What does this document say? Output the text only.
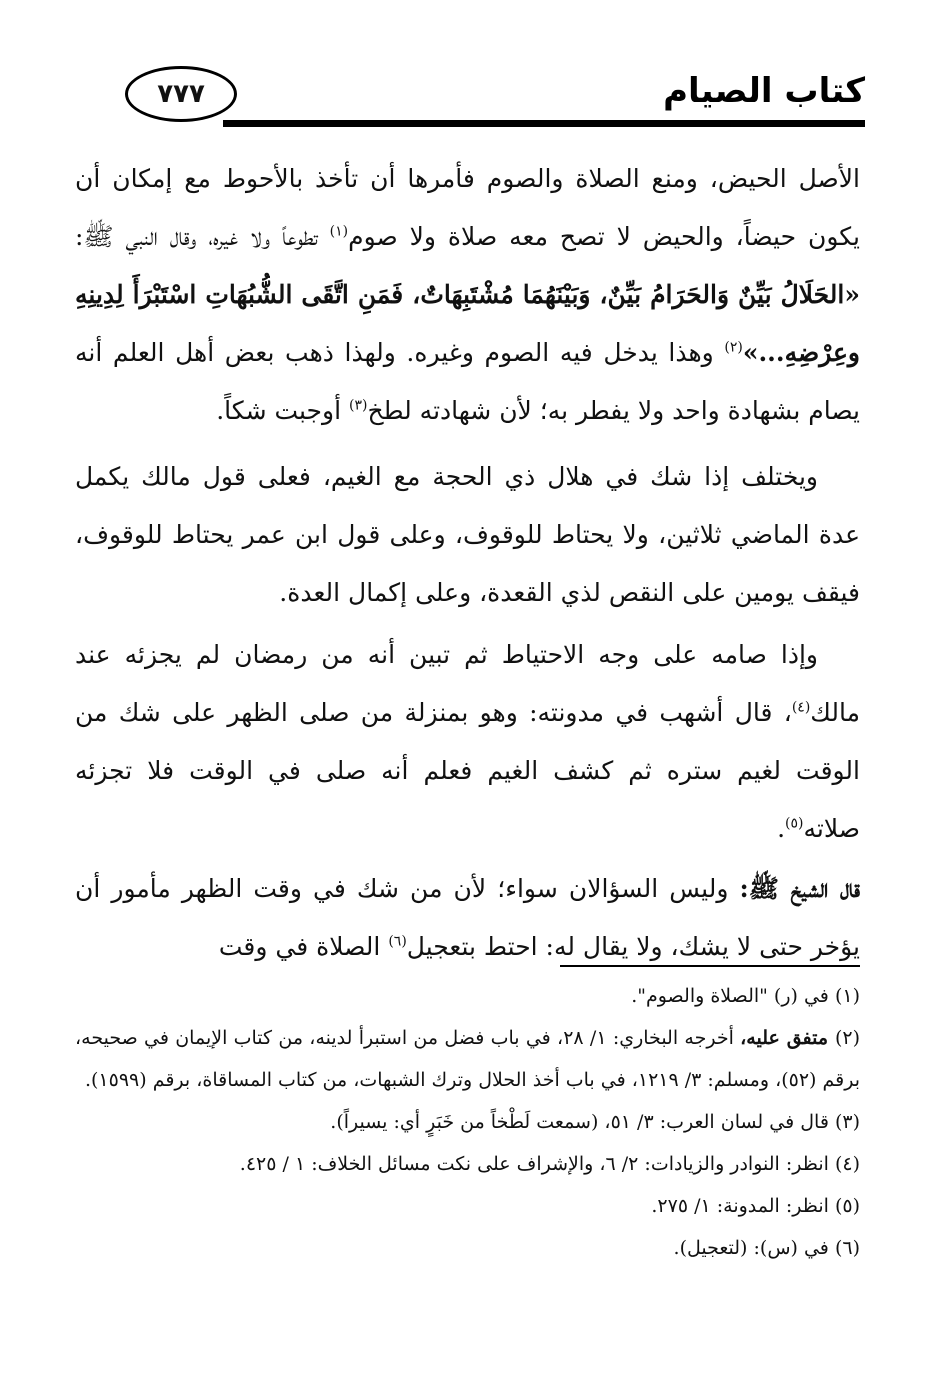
كتاب الصيام
٧٧٧

الأصل الحيض، ومنع الصلاة والصوم فأمرها أن تأخذ بالأحوط مع إمكان أن يكون حيضاً، والحيض لا تصح معه صلاة ولا صوم$^{(١)}$ تطوعاً ولا غيره، وقال النبي ﷺ: «الحَلَالُ بَيِّنٌ وَالحَرَامُ بَيِّنٌ، وَبَيْنَهُمَا مُشْتَبِهَاتٌ، فَمَنِ اتَّقَى الشُّبُهَاتِ اسْتَبْرَأَ لِدِينِهِ وعِرْضِهِ...»$^{(٢)}$ وهذا يدخل فيه الصوم وغيره. ولهذا ذهب بعض أهل العلم أنه يصام بشهادة واحد ولا يفطر به؛ لأن شهادته لطخ$^{(٣)}$ أوجبت شكاً.

ويختلف إذا شك في هلال ذي الحجة مع الغيم، فعلى قول مالك يكمل عدة الماضي ثلاثين، ولا يحتاط للوقوف، وعلى قول ابن عمر يحتاط للوقوف، فيقف يومين على النقص لذي القعدة، وعلى إكمال العدة.

وإذا صامه على وجه الاحتياط ثم تبين أنه من رمضان لم يجزئه عند مالك$^{(٤)}$، قال أشهب في مدونته: وهو بمنزلة من صلى الظهر على شك من الوقت لغيم ستره ثم كشف الغيم فعلم أنه صلى في الوقت فلا تجزئه صلاته$^{(٥)}$.

قال الشيخ ﷺ: وليس السؤالان سواء؛ لأن من شك في وقت الظهر مأمور أن يؤخر حتى لا يشك، ولا يقال له: احتط بتعجيل$^{(٦)}$ الصلاة في وقت

(١) في (ر) "الصلاة والصوم".

(٢) متفق عليه، أخرجه البخاري: ١/ ٢٨، في باب فضل من استبرأ لدينه، من كتاب الإيمان في صحيحه، برقم (٥٢)، ومسلم: ٣/ ١٢١٩، في باب أخذ الحلال وترك الشبهات، من كتاب المساقاة، برقم (١٥٩٩).

(٣) قال في لسان العرب: ٣/ ٥١، (سمعت لَطْخاً من خَبَرٍ أي: يسيراً).

(٤) انظر: النوادر والزيادات: ٢/ ٦، والإشراف على نكت مسائل الخلاف: ١ / ٤٢٥.

(٥) انظر: المدونة: ١/ ٢٧٥.

(٦) في (س): (لتعجيل).
